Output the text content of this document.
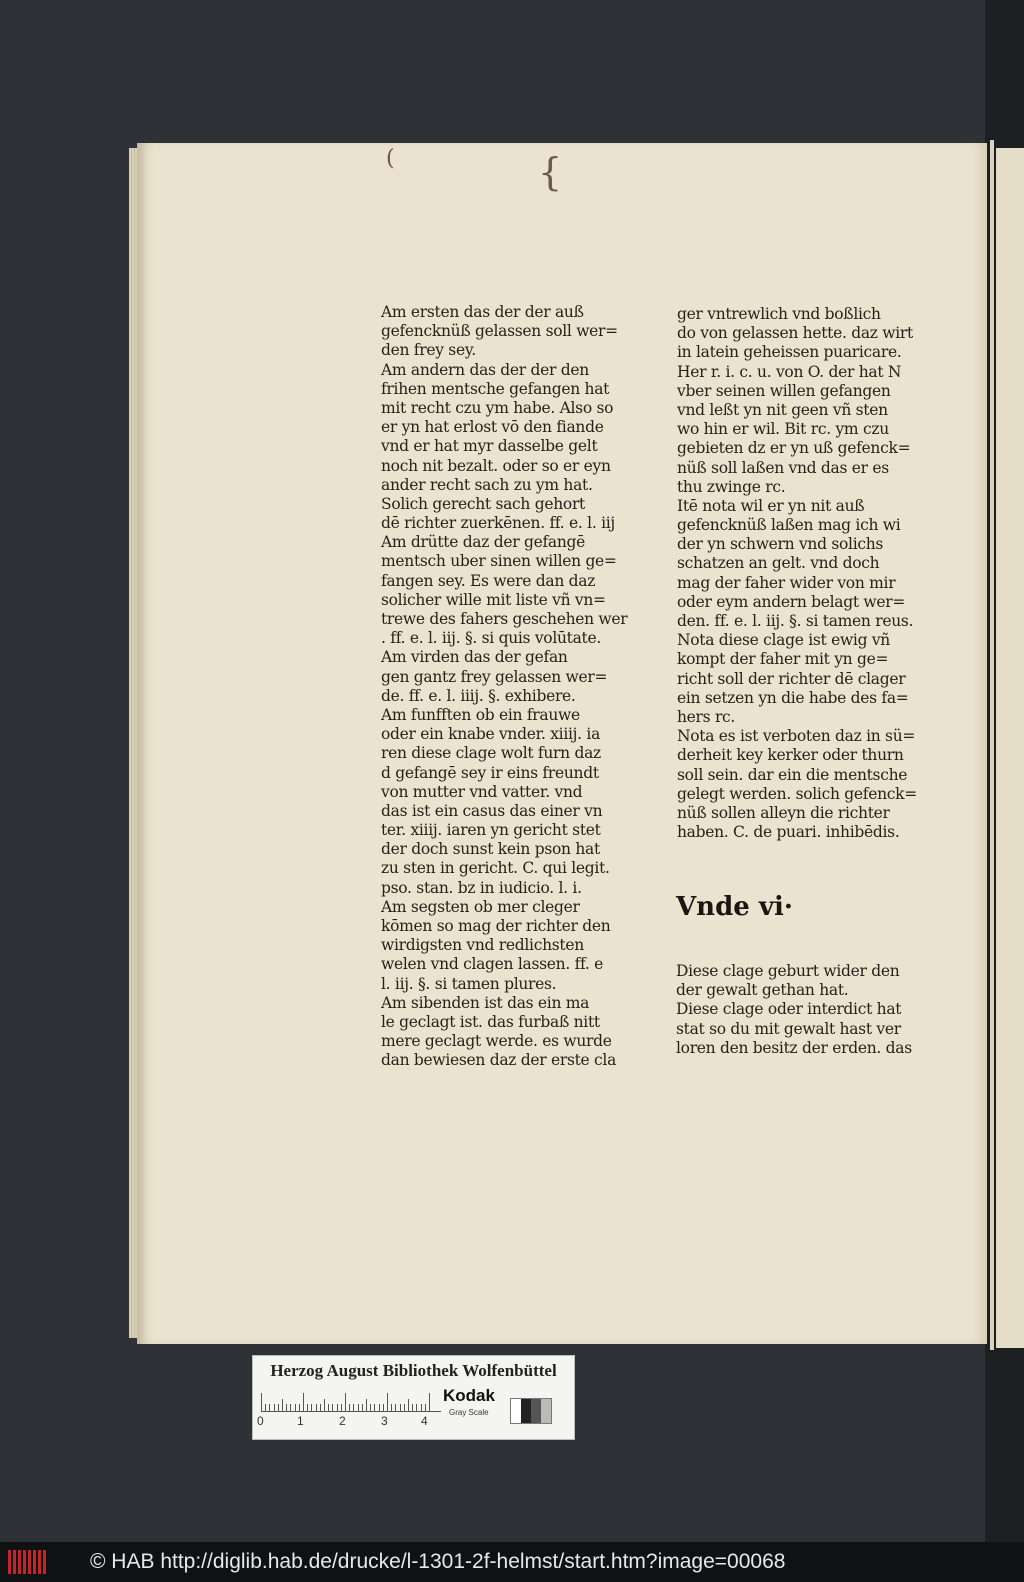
(	{
Am ersten das der der auß
gefencknüß gelassen soll wer=
den frey sey.
Am andern das der der den
frihen mentsche gefangen hat
mit recht czu ym habe. Also so
er yn hat erlost vō den fiande
vnd er hat myr dasselbe gelt
noch nit bezalt. oder so er eyn
ander recht sach zu ym hat.
Solich gerecht sach gehort
dē richter zuerkēnen. ff. e. l. iij
Am drütte daz der gefangē
mentsch uber sinen willen ge=
fangen sey. Es were dan daz
solicher wille mit liste vñ vn=
trewe des fahers geschehen wer
. ff. e. l. iij. §. si quis volūtate.
Am virden das der gefan
gen gantz frey gelassen wer=
de. ff. e. l. iiij. §. exhibere.
Am funfften ob ein frauwe
oder ein knabe vnder. xiiij. ia
ren diese clage wolt furn daz
d gefangē sey ir eins freundt
von mutter vnd vatter. vnd
das ist ein casus das einer vn
ter. xiiij. iaren yn gericht stet
der doch sunst kein pson hat
zu sten in gericht. C. qui legit.
pso. stan. bz in iudicio. l. i.
Am segsten ob mer cleger
kōmen so mag der richter den
wirdigsten vnd redlichsten
welen vnd clagen lassen. ff. e
l. iij. §. si tamen plures.
Am sibenden ist das ein ma
le geclagt ist. das furbaß nitt
mere geclagt werde. es wurde
dan bewiesen daz der erste cla
ger vntrewlich vnd boßlich
do von gelassen hette. daz wirt
in latein geheissen puaricare.
Her r. i. c. u. von O. der hat N
vber seinen willen gefangen
vnd leßt yn nit geen vñ sten
wo hin er wil. Bit rc. ym czu
gebieten dz er yn uß gefenck=
nüß soll laßen vnd das er es
thu zwinge rc.
Itē nota wil er yn nit auß
gefencknüß laßen mag ich wi
der yn schwern vnd solichs
schatzen an gelt. vnd doch
mag der faher wider von mir
oder eym andern belagt wer=
den. ff. e. l. iij. §. si tamen reus.
Nota diese clage ist ewig vñ
kompt der faher mit yn ge=
richt soll der richter dē clager
ein setzen yn die habe des fa=
hers rc.
Nota es ist verboten daz in sü=
derheit key kerker oder thurn
soll sein. dar ein die mentsche
gelegt werden. solich gefenck=
nüß sollen alleyn die richter
haben. C. de puari. inhibēdis.
Vnde vi·
Diese clage geburt wider den
der gewalt gethan hat.
Diese clage oder interdict hat
stat so du mit gewalt hast ver
loren den besitz der erden. das
Herzog August Bibliothek Wolfenbüttel
0	1	2	3	4
Kodak
Gray Scale
© HAB http://diglib.hab.de/drucke/l-1301-2f-helmst/start.htm?image=00068
